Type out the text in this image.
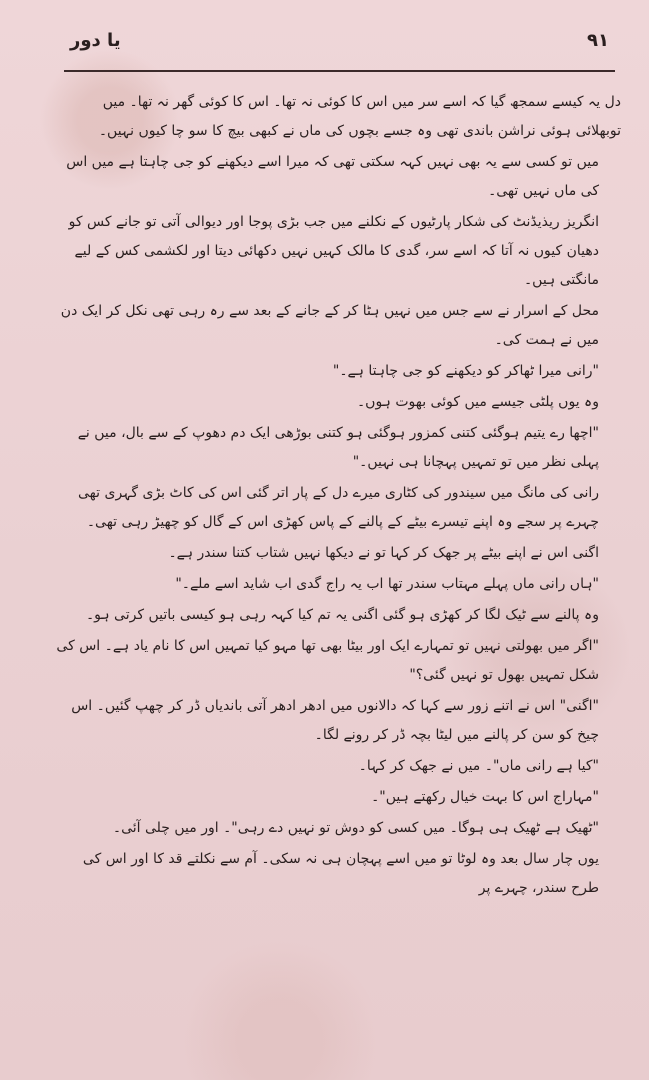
یا دور	۹۱

دل یہ کیسے سمجھ گیا کہ اسے سر میں اس کا کوئی نہ تھا۔ اس کا کوئی گھر نہ تھا۔ میں توبھلائی ہوئی نراشن باندی تھی وہ جسے بچوں کی ماں نے کبھی بیچ کا سو چا کیوں نہیں۔

میں تو کسی سے یہ بھی نہیں کہہ سکتی تھی کہ میرا اسے دیکھنے کو جی چاہتا ہے میں اس کی ماں نہیں تھی۔

انگریز ریذیڈنٹ کی شکار پارٹیوں کے نکلنے میں جب بڑی پوجا اور دیوالی آتی تو جانے کس کو دھیان کیوں نہ آتا کہ اسے سر، گدی کا مالک کہیں نہیں دکھائی دیتا اور لکشمی کس کے لیے مانگتی ہیں۔

محل کے اسرار نے سے جس میں نہیں ہٹا کر کے جانے کے بعد سے رہ رہی تھی نکل کر ایک دن میں نے ہمت کی۔

"رانی میرا ٹھاکر کو دیکھنے کو جی چاہتا ہے۔"

وہ یوں پلٹی جیسے میں کوئی بھوت ہوں۔

"اچھا رے یتیم ہوگئی کتنی کمزور ہوگئی ہو کتنی بوڑھی ایک دم دھوپ کے سے بال، میں نے پہلی نظر میں تو تمہیں پہچانا ہی نہیں۔"

رانی کی مانگ میں سیندور کی کٹاری میرے دل کے پار اتر گئی اس کی کاٹ بڑی گہری تھی چہرے پر سجے وہ اپنے تیسرے بیٹے کے پالنے کے پاس کھڑی اس کے گال کو چھیڑ رہی تھی۔

اگنی اس نے اپنے بیٹے پر جھک کر کہا تو نے دیکھا نہیں شتاب کتنا سندر ہے۔

"ہاں رانی ماں پہلے مہتاب سندر تھا اب یہ راج گدی اب شاید اسے ملے۔"

وہ پالنے سے ٹیک لگا کر کھڑی ہو گئی اگنی یہ تم کیا کہہ رہی ہو کیسی باتیں کرتی ہو۔

"اگر میں بھولتی نہیں تو تمہارے ایک اور بیٹا بھی تھا مہو کیا تمہیں اس کا نام یاد ہے۔ اس کی شکل تمہیں بھول تو نہیں گئی؟"

"اگنی" اس نے اتنے زور سے کہا کہ دالانوں میں ادھر ادھر آتی باندیاں ڈر کر چھپ گئیں۔ اس چیخ کو سن کر پالنے میں لیٹا بچہ ڈر کر رونے لگا۔

"کیا ہے رانی ماں"۔ میں نے جھک کر کہا۔

"مہاراج اس کا بہت خیال رکھتے ہیں"۔

"ٹھیک ہے ٹھیک ہی ہوگا۔ میں کسی کو دوش تو نہیں دے رہی"۔ اور میں چلی آئی۔

یوں چار سال بعد وہ لوٹا تو میں اسے پہچان ہی نہ سکی۔ آم سے نکلتے قد کا اور اس کی طرح سندر، چہرے پر
